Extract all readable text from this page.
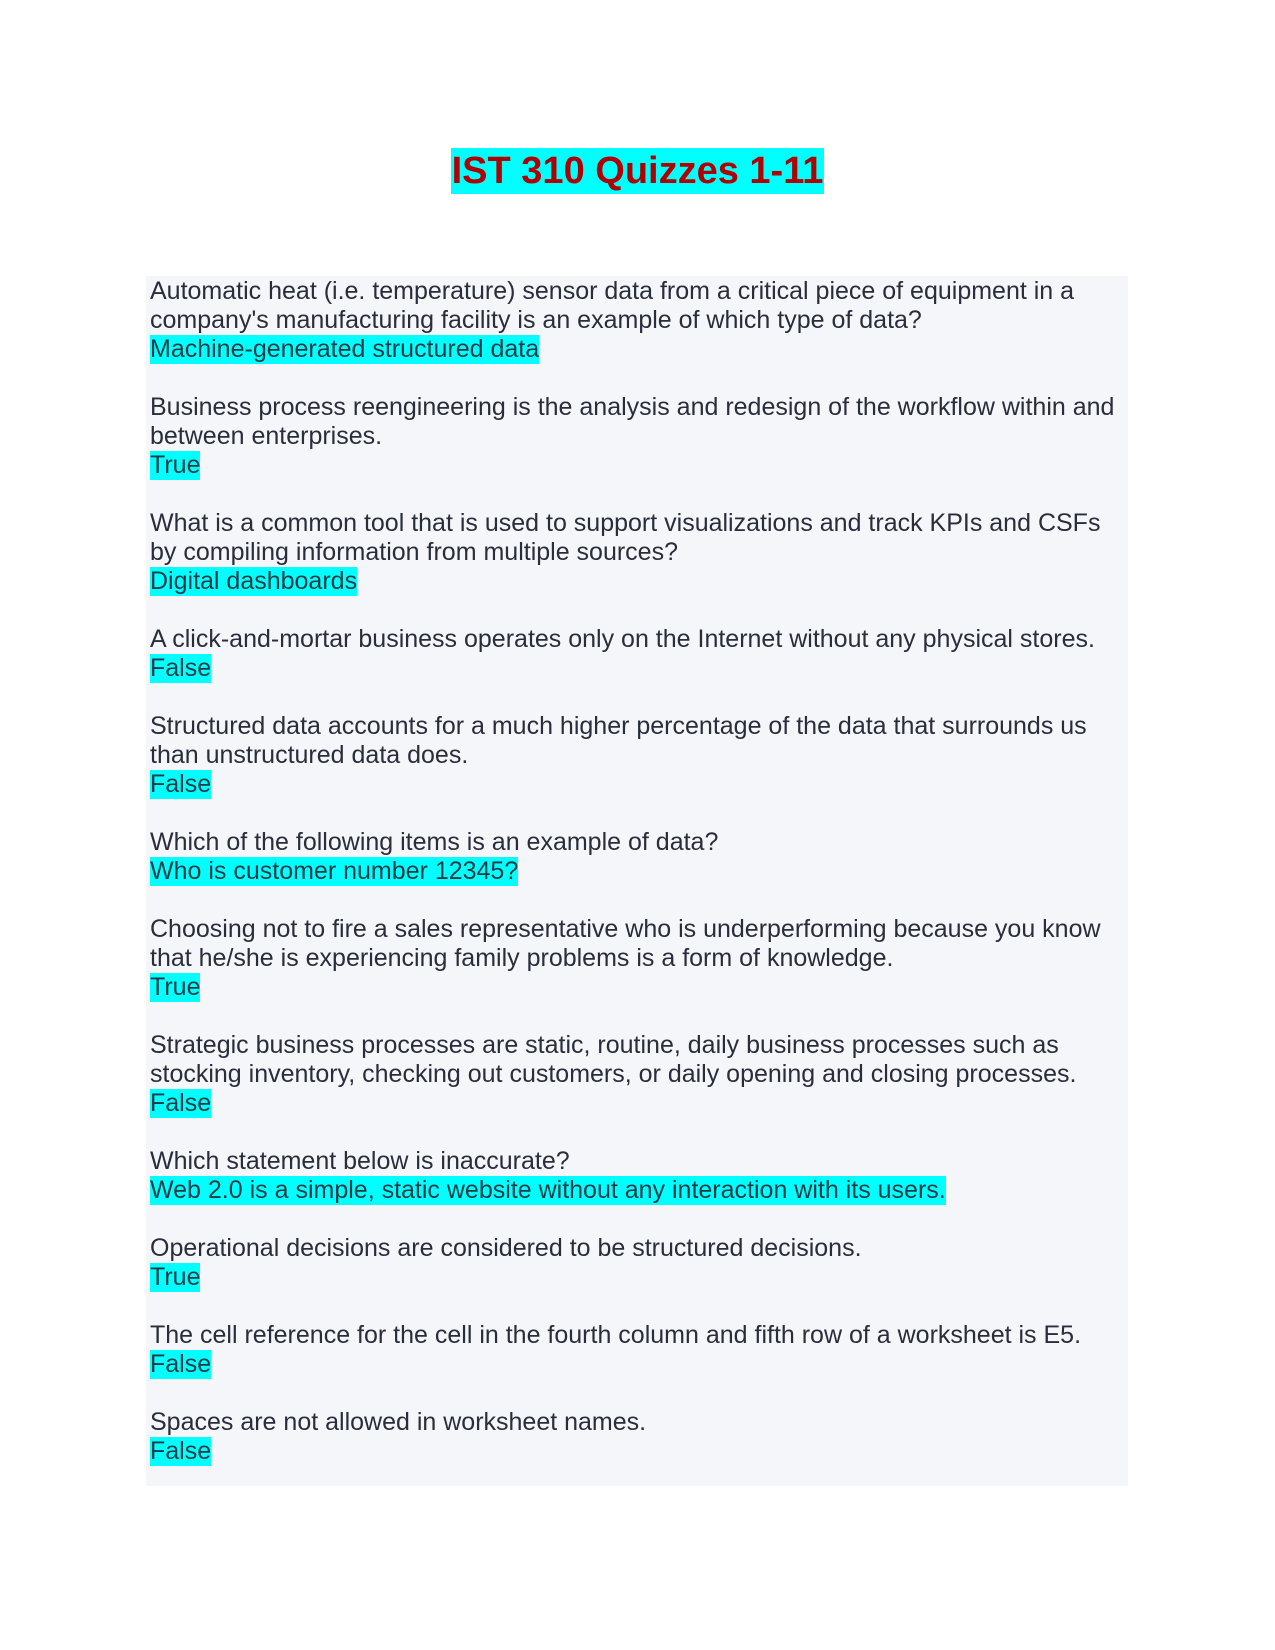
IST 310 Quizzes 1-11
Automatic heat (i.e. temperature) sensor data from a critical piece of equipment in a company's manufacturing facility is an example of which type of data?
Machine-generated structured data
Business process reengineering is the analysis and redesign of the workflow within and between enterprises.
True
What is a common tool that is used to support visualizations and track KPIs and CSFs by compiling information from multiple sources?
Digital dashboards
A click-and-mortar business operates only on the Internet without any physical stores.
False
Structured data accounts for a much higher percentage of the data that surrounds us than unstructured data does.
False
Which of the following items is an example of data?
Who is customer number 12345?
Choosing not to fire a sales representative who is underperforming because you know that he/she is experiencing family problems is a form of knowledge.
True
Strategic business processes are static, routine, daily business processes such as stocking inventory, checking out customers, or daily opening and closing processes.
False
Which statement below is inaccurate?
Web 2.0 is a simple, static website without any interaction with its users.
Operational decisions are considered to be structured decisions.
True
The cell reference for the cell in the fourth column and fifth row of a worksheet is E5.
False
Spaces are not allowed in worksheet names.
False
